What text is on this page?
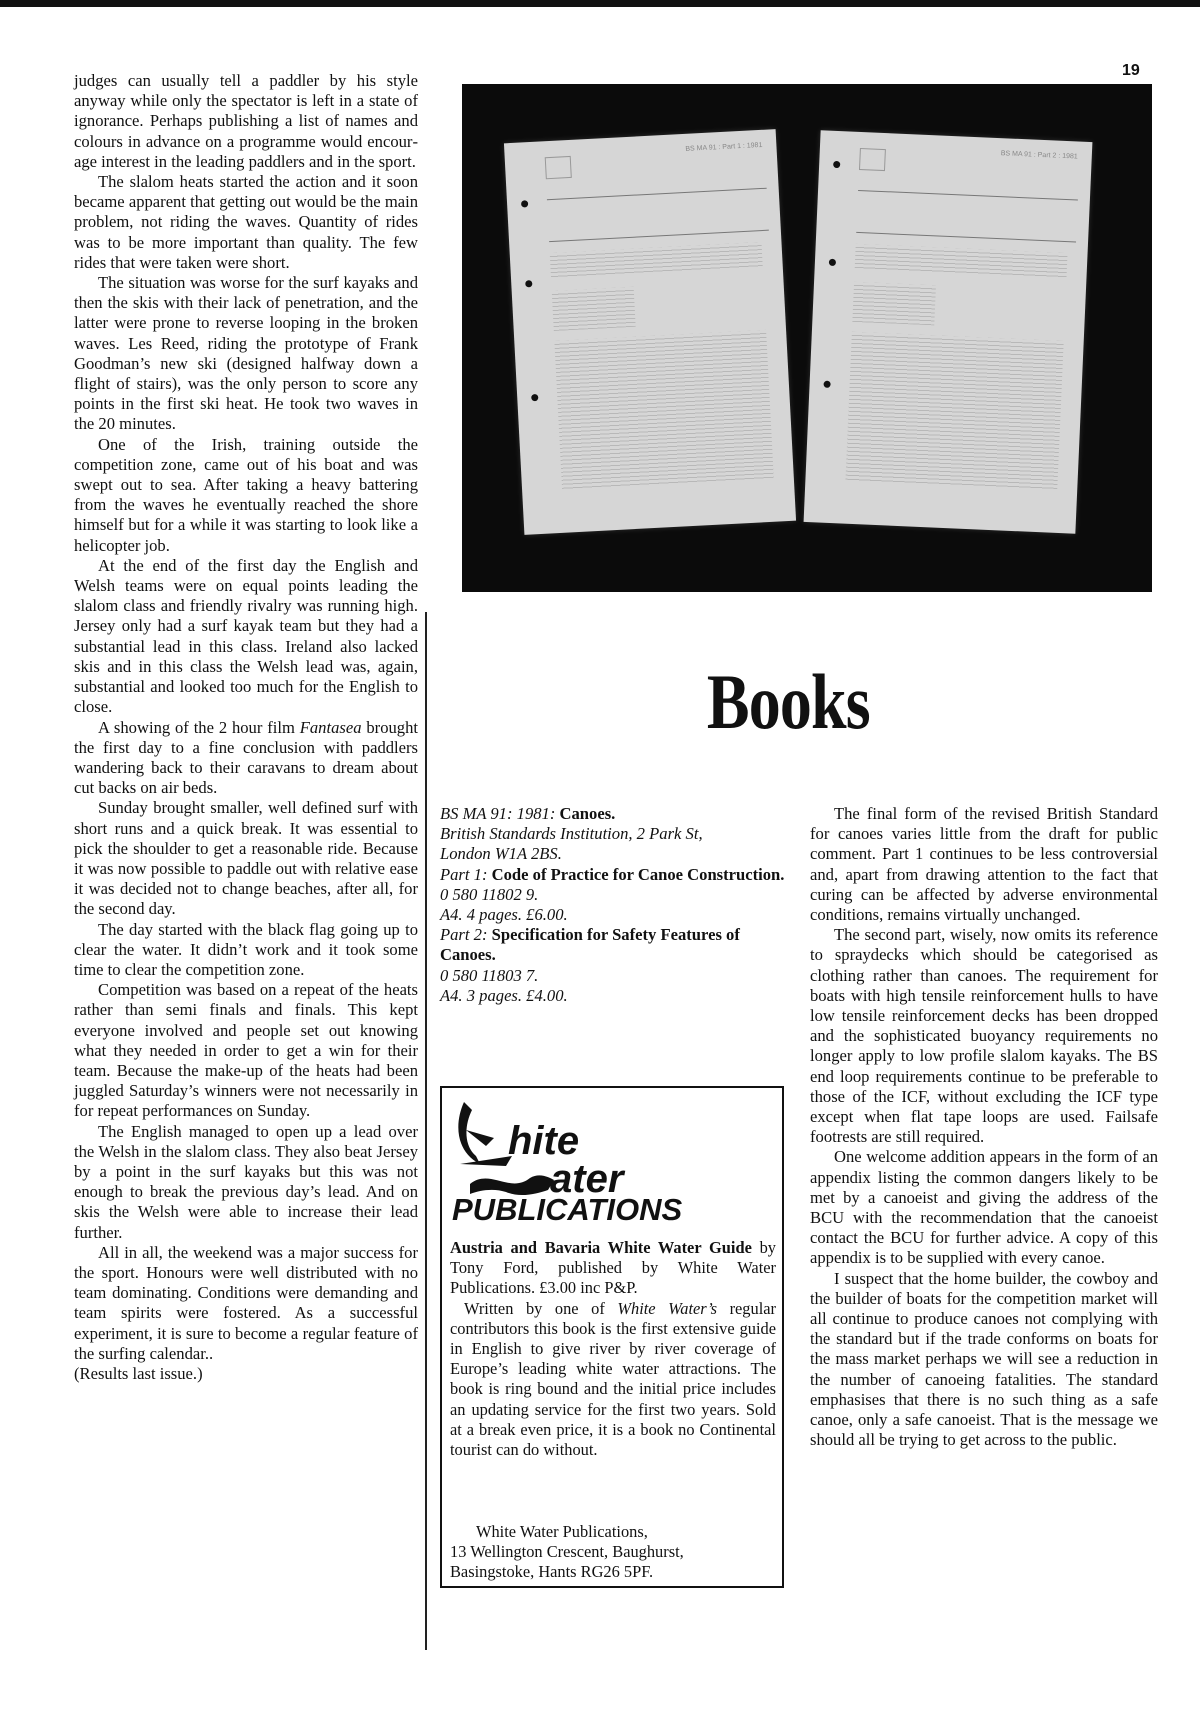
19

judges can usually tell a paddler by his style anyway while only the spectator is left in a state of ignorance. Perhaps publishing a list of names and colours in advance on a programme would encourage interest in the leading paddlers and in the sport.

The slalom heats started the action and it soon became apparent that getting out would be the main problem, not riding the waves. Quantity of rides was to be more important than quality. The few rides that were taken were short.

The situation was worse for the surf kayaks and then the skis with their lack of penetration, and the latter were prone to reverse looping in the broken waves. Les Reed, riding the prototype of Frank Goodman’s new ski (designed halfway down a flight of stairs), was the only person to score any points in the first ski heat. He took two waves in the 20 minutes.

One of the Irish, training outside the competition zone, came out of his boat and was swept out to sea. After taking a heavy battering from the waves he eventually reached the shore himself but for a while it was starting to look like a helicopter job.

At the end of the first day the English and Welsh teams were on equal points leading the slalom class and friendly rivalry was running high. Jersey only had a surf kayak team but they had a substantial lead in this class. Ireland also lacked skis and in this class the Welsh lead was, again, substantial and looked too much for the English to close.

A showing of the 2 hour film Fantasea brought the first day to a fine conclusion with paddlers wandering back to their caravans to dream about cut backs on air beds.

Sunday brought smaller, well defined surf with short runs and a quick break. It was essential to pick the shoulder to get a reasonable ride. Because it was now possible to paddle out with relative ease it was decided not to change beaches, after all, for the second day.

The day started with the black flag going up to clear the water. It didn’t work and it took some time to clear the competition zone.

Competition was based on a repeat of the heats rather than semi finals and finals. This kept everyone involved and people set out knowing what they needed in order to get a win for their team. Because the make-up of the heats had been juggled Saturday’s winners were not necessarily in for repeat performances on Sunday.

The English managed to open up a lead over the Welsh in the slalom class. They also beat Jersey by a point in the surf kayaks but this was not enough to break the previous day’s lead. And on skis the Welsh were able to increase their lead further.

All in all, the weekend was a major success for the sport. Honours were well distributed with no team dominating. Conditions were demanding and team spirits were fostered. As a successful experiment, it is sure to become a regular feature of the surfing calendar..

(Results last issue.)

BS MA 91 : Part 1 : 1981
BS MA 91 : Part 2 : 1981
Books
BS MA 91: 1981: Canoes.
British Standards Institution, 2 Park St,
London W1A 2BS.
Part 1: Code of Practice for Canoe Construction.
0 580 11802 9.
A4. 4 pages. £6.00.
Part 2: Specification for Safety Features of Canoes.
0 580 11803 7.
A4. 3 pages. £4.00.
hite
ater
PUBLICATIONS

Austria and Bavaria White Water Guide by Tony Ford, published by White Water Publications. £3.00 inc P&P.

Written by one of White Water’s regular contributors this book is the first extensive guide in English to give river by river coverage of Europe’s leading white water attractions. The book is ring bound and the initial price includes an updating service for the first two years. Sold at a break even price, it is a book no Continental tourist can do without.

White Water Publications,
13 Wellington Crescent, Baughurst,
Basingstoke, Hants RG26 5PF.

The final form of the revised British Standard for canoes varies little from the draft for public comment. Part 1 continues to be less controversial and, apart from drawing attention to the fact that curing can be affected by adverse environmental conditions, remains virtually unchanged.

The second part, wisely, now omits its reference to spraydecks which should be categorised as clothing rather than canoes. The requirement for boats with high tensile reinforcement hulls to have low tensile reinforcement decks has been dropped and the sophisticated buoyancy requirements no longer apply to low profile slalom kayaks. The BS end loop requirements continue to be preferable to those of the ICF, without excluding the ICF type except when flat tape loops are used. Failsafe footrests are still required.

One welcome addition appears in the form of an appendix listing the common dangers likely to be met by a canoeist and giving the address of the BCU with the recommendation that the canoeist contact the BCU for further advice. A copy of this appendix is to be supplied with every canoe.

I suspect that the home builder, the cowboy and the builder of boats for the competition market will all continue to produce canoes not complying with the standard but if the trade conforms on boats for the mass market perhaps we will see a reduction in the number of canoeing fatalities. The standard emphasises that there is no such thing as a safe canoe, only a safe canoeist. That is the message we should all be trying to get across to the public.
